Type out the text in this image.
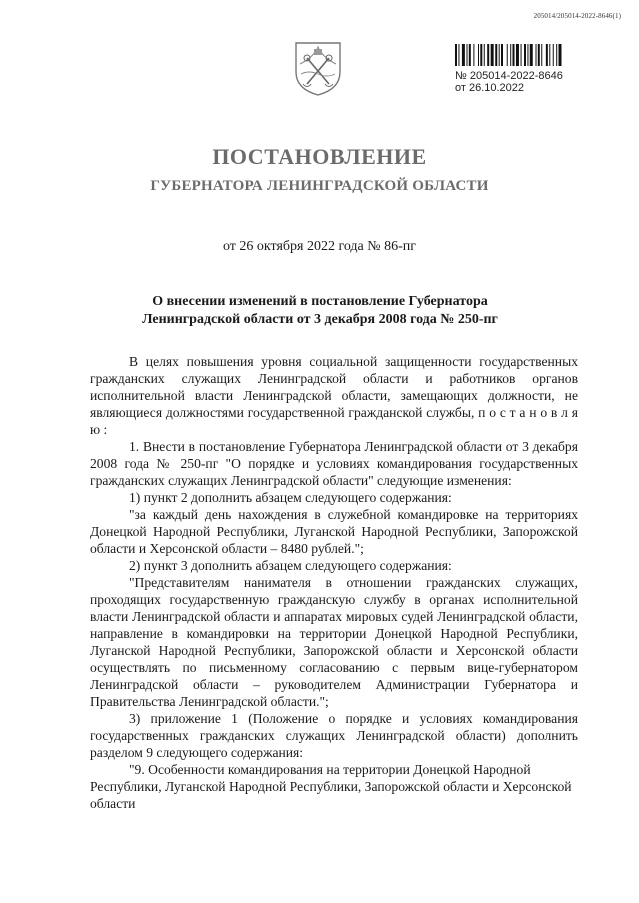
205014/205014-2022-8646(1)
№ 205014-2022-8646
от 26.10.2022
ПОСТАНОВЛЕНИЕ
ГУБЕРНАТОРА ЛЕНИНГРАДСКОЙ ОБЛАСТИ
от 26 октября 2022 года № 86-пг
О внесении изменений в постановление Губернатора
Ленинградской области от 3 декабря 2008 года № 250-пг

В целях повышения уровня социальной защищенности государственных гражданских служащих Ленинградской области и работников органов исполнительной власти Ленинградской области, замещающих должности, не являющиеся должностями государственной гражданской службы, п о с т а н о в л я ю :

1. Внести в постановление Губернатора Ленинградской области от 3 декабря 2008 года № 250-пг "О порядке и условиях командирования государственных гражданских служащих Ленинградской области" следующие изменения:

1) пункт 2 дополнить абзацем следующего содержания:

"за каждый день нахождения в служебной командировке на территориях Донецкой Народной Республики, Луганской Народной Республики, Запорожской области и Херсонской области – 8480 рублей.";

2) пункт 3 дополнить абзацем следующего содержания:

"Представителям нанимателя в отношении гражданских служащих, проходящих государственную гражданскую службу в органах исполнительной власти Ленинградской области и аппаратах мировых судей Ленинградской области, направление в командировки на территории Донецкой Народной Республики, Луганской Народной Республики, Запорожской области и Херсонской области осуществлять по письменному согласованию с первым вице-губернатором Ленинградской области – руководителем Администрации Губернатора и Правительства Ленинградской области.";

3) приложение 1 (Положение о порядке и условиях командирования государственных гражданских служащих Ленинградской области) дополнить разделом 9 следующего содержания:

"9. Особенности командирования на территории Донецкой Народной Республики, Луганской Народной Республики, Запорожской области и Херсонской области
